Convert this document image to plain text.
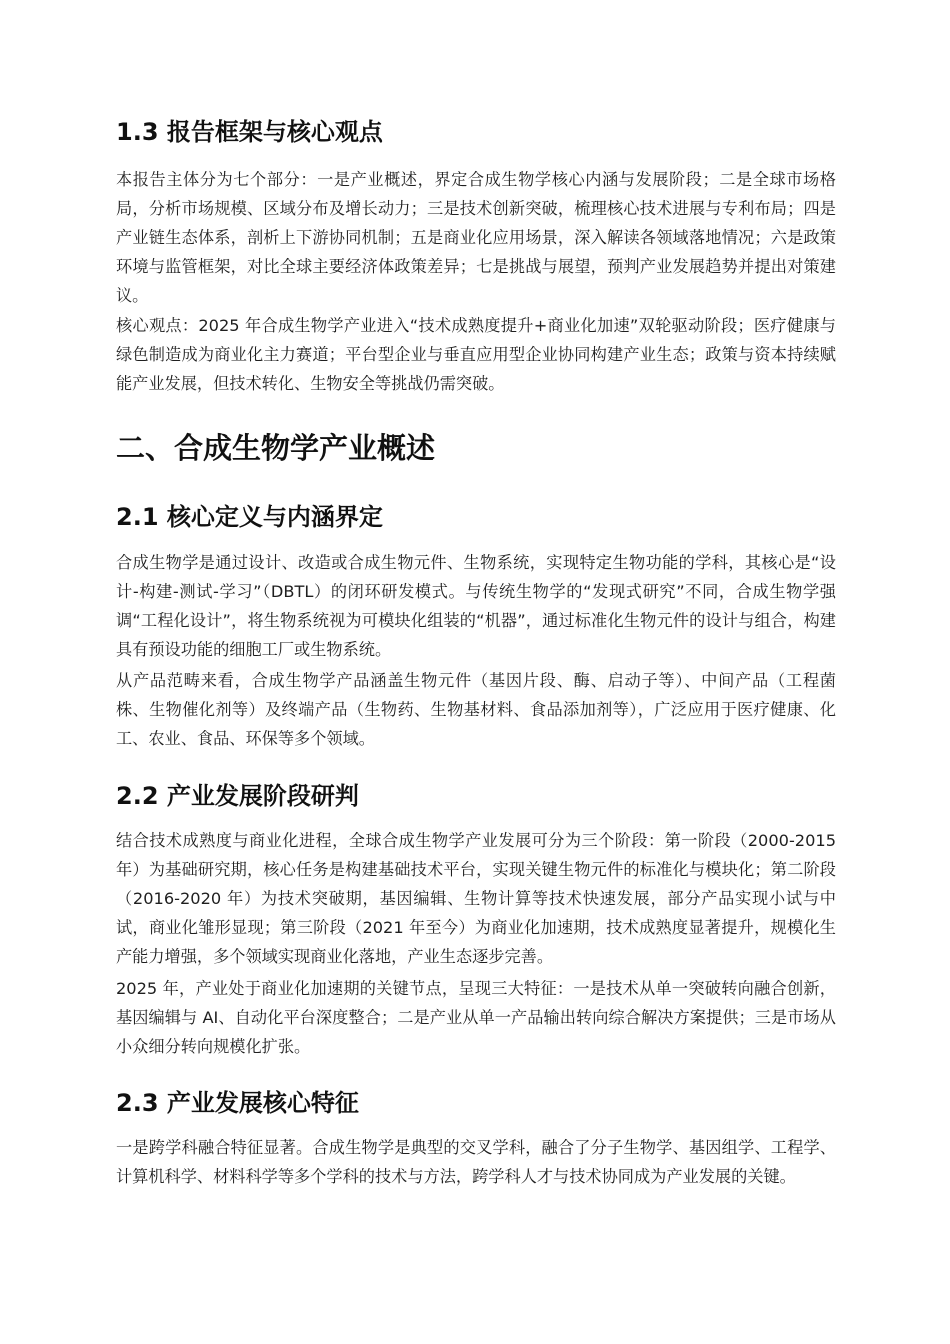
1.3 报告框架与核心观点

本报告主体分为七个部分：一是产业概述，界定合成生物学核心内涵与发展阶段；二是全球市场格局，分析市场规模、区域分布及增长动力；三是技术创新突破，梳理核心技术进展与专利布局；四是产业链生态体系，剖析上下游协同机制；五是商业化应用场景，深入解读各领域落地情况；六是政策环境与监管框架，对比全球主要经济体政策差异；七是挑战与展望，预判产业发展趋势并提出对策建议。

核心观点：2025 年合成生物学产业进入“技术成熟度提升+商业化加速”双轮驱动阶段；医疗健康与绿色制造成为商业化主力赛道；平台型企业与垂直应用型企业协同构建产业生态；政策与资本持续赋能产业发展，但技术转化、生物安全等挑战仍需突破。

二、合成生物学产业概述
2.1 核心定义与内涵界定

合成生物学是通过设计、改造或合成生物元件、生物系统，实现特定生物功能的学科，其核心是“设计-构建-测试-学习”（DBTL）的闭环研发模式。与传统生物学的“发现式研究”不同，合成生物学强调“工程化设计”，将生物系统视为可模块化组装的“机器”，通过标准化生物元件的设计与组合，构建具有预设功能的细胞工厂或生物系统。

从产品范畴来看，合成生物学产品涵盖生物元件（基因片段、酶、启动子等）、中间产品（工程菌株、生物催化剂等）及终端产品（生物药、生物基材料、食品添加剂等），广泛应用于医疗健康、化工、农业、食品、环保等多个领域。

2.2 产业发展阶段研判

结合技术成熟度与商业化进程，全球合成生物学产业发展可分为三个阶段：第一阶段（2000-2015 年）为基础研究期，核心任务是构建基础技术平台，实现关键生物元件的标准化与模块化；第二阶段（2016-2020 年）为技术突破期，基因编辑、生物计算等技术快速发展，部分产品实现小试与中试，商业化雏形显现；第三阶段（2021 年至今）为商业化加速期，技术成熟度显著提升，规模化生产能力增强，多个领域实现商业化落地，产业生态逐步完善。

2025 年，产业处于商业化加速期的关键节点，呈现三大特征：一是技术从单一突破转向融合创新，基因编辑与 AI、自动化平台深度整合；二是产业从单一产品输出转向综合解决方案提供；三是市场从小众细分转向规模化扩张。

2.3 产业发展核心特征

一是跨学科融合特征显著。合成生物学是典型的交叉学科，融合了分子生物学、基因组学、工程学、计算机科学、材料科学等多个学科的技术与方法，跨学科人才与技术协同成为产业发展的关键。
